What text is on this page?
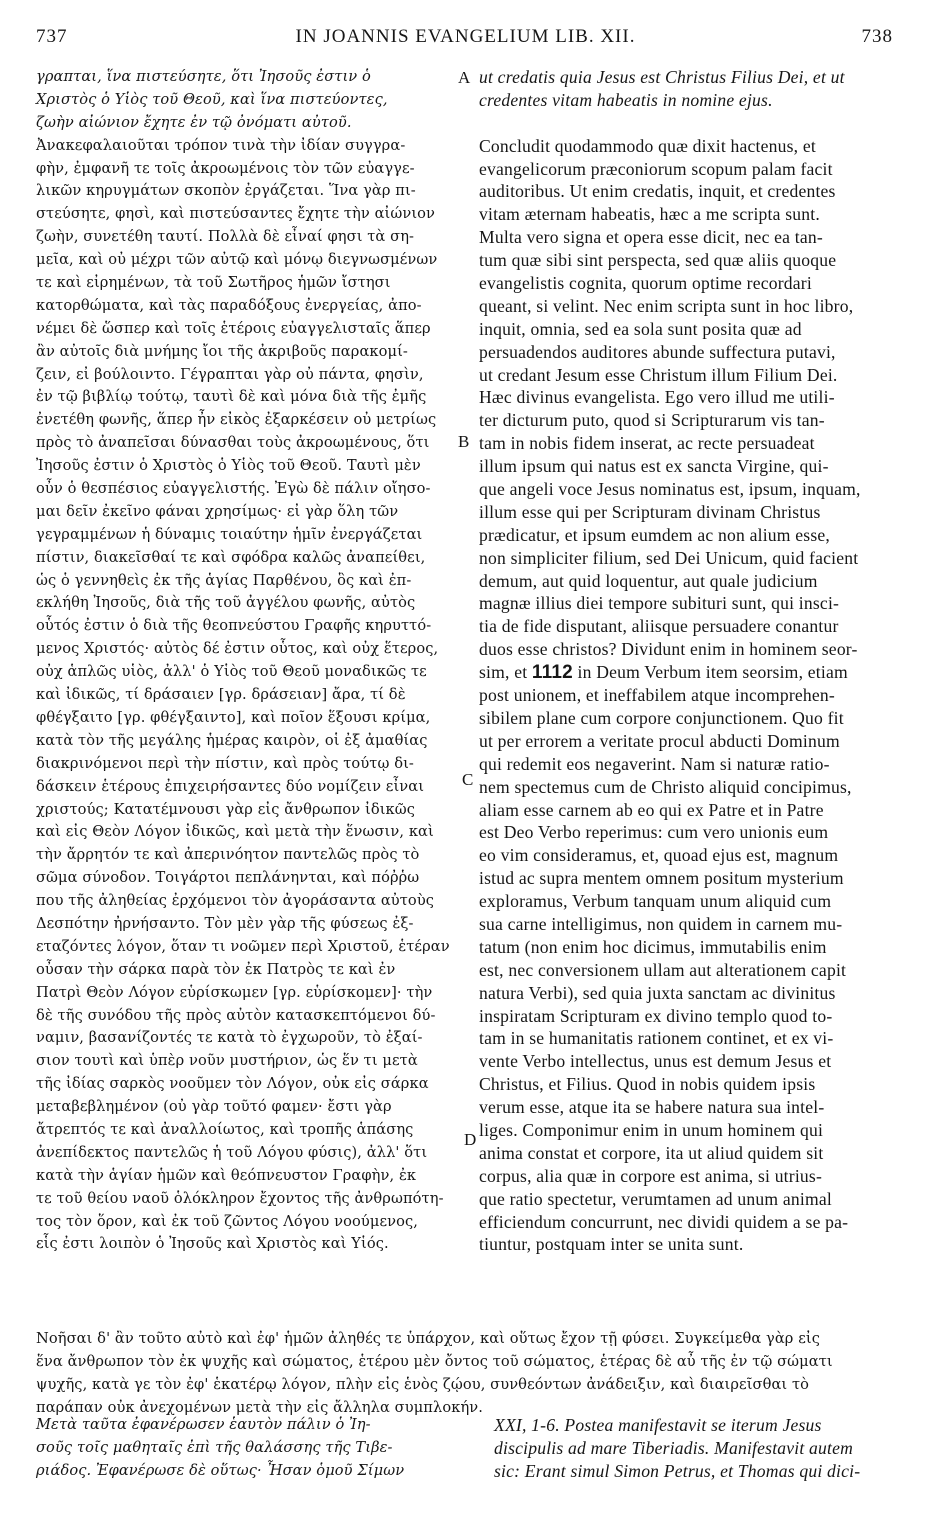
737	IN JOANNIS EVANGELIUM LIB. XII.	738
γραπται, ἵνα πιστεύσητε, ὅτι Ἰησοῦς ἐστιν ὁ
Χριστὸς ὁ Υἱὸς τοῦ Θεοῦ, καὶ ἵνα πιστεύοντες,
ζωὴν αἰώνιον ἔχητε ἐν τῷ ὀνόματι αὐτοῦ.
Ἀνακεφαλαιοῦται τρόπον τινὰ τὴν ἰδίαν συγγρα-
φὴν, ἐμφανῆ τε τοῖς ἀκροωμένοις τὸν τῶν εὐαγγε-
λικῶν κηρυγμάτων σκοπὸν ἐργάζεται. Ἵνα γὰρ πι-
στεύσητε, φησὶ, καὶ πιστεύσαντες ἔχητε τὴν αἰώνιον
ζωὴν, συνετέθη ταυτί. Πολλὰ δὲ εἶναί φησι τὰ ση-
μεῖα, καὶ οὐ μέχρι τῶν αὐτῷ καὶ μόνῳ διεγνωσμένων
τε καὶ εἰρημένων, τὰ τοῦ Σωτῆρος ἡμῶν ἴστησι
κατορθώματα, καὶ τὰς παραδόξους ἐνεργείας, ἀπο-
νέμει δὲ ὥσπερ καὶ τοῖς ἑτέροις εὐαγγελισταῖς ἅπερ
ἂν αὐτοῖς διὰ μνήμης ἴοι τῆς ἀκριβοῦς παρακομί-
ζειν, εἰ βούλοιντο. Γέγραπται γὰρ οὐ πάντα, φησὶν,
ἐν τῷ βιβλίῳ τούτῳ, ταυτὶ δὲ καὶ μόνα διὰ τῆς ἐμῆς
ἐνετέθη φωνῆς, ἅπερ ἦν εἰκὸς ἐξαρκέσειν οὐ μετρίως
πρὸς τὸ ἀναπεῖσαι δύνασθαι τοὺς ἀκροωμένους, ὅτι
Ἰησοῦς ἐστιν ὁ Χριστὸς ὁ Υἱὸς τοῦ Θεοῦ. Ταυτὶ μὲν
οὖν ὁ θεσπέσιος εὐαγγελιστής. Ἐγὼ δὲ πάλιν οἴησο-
μαι δεῖν ἐκεῖνο φάναι χρησίμως· εἰ γὰρ ὅλη τῶν
γεγραμμένων ἡ δύναμις τοιαύτην ἡμῖν ἐνεργάζεται
πίστιν, διακεῖσθαί τε καὶ σφόδρα καλῶς ἀναπείθει,
ὡς ὁ γεννηθεὶς ἐκ τῆς ἁγίας Παρθένου, ὃς καὶ ἐπ-
εκλήθη Ἰησοῦς, διὰ τῆς τοῦ ἀγγέλου φωνῆς, αὐτὸς
οὗτός ἐστιν ὁ διὰ τῆς θεοπνεύστου Γραφῆς κηρυττό-
μενος Χριστός· αὐτὸς δέ ἐστιν οὗτος, καὶ οὐχ ἕτερος,
οὐχ ἁπλῶς υἱὸς, ἀλλ' ὁ Υἱὸς τοῦ Θεοῦ μοναδικῶς τε
καὶ ἰδικῶς, τί δράσαιεν [γρ. δράσειαν] ἄρα, τί δὲ
φθέγξαιτο [γρ. φθέγξαιντο], καὶ ποῖον ἕξουσι κρίμα,
κατὰ τὸν τῆς μεγάλης ἡμέρας καιρὸν, οἱ ἐξ ἀμαθίας
διακρινόμενοι περὶ τὴν πίστιν, καὶ πρὸς τούτῳ δι-
δάσκειν ἑτέρους ἐπιχειρήσαντες δύο νομίζειν εἶναι
χριστούς; Κατατέμνουσι γὰρ εἰς ἄνθρωπον ἰδικῶς
καὶ εἰς Θεὸν Λόγον ἰδικῶς, καὶ μετὰ τὴν ἕνωσιν, καὶ
τὴν ἄρρητόν τε καὶ ἀπερινόητον παντελῶς πρὸς τὸ
σῶμα σύνοδον. Τοιγάρτοι πεπλάνηνται, καὶ πόῤῥω
που τῆς ἀληθείας ἐρχόμενοι τὸν ἀγοράσαντα αὐτοὺς
Δεσπότην ἠρνήσαντο. Τὸν μὲν γὰρ τῆς φύσεως ἐξ-
εταζόντες λόγον, ὅταν τι νοῶμεν περὶ Χριστοῦ, ἑτέραν
οὖσαν τὴν σάρκα παρὰ τὸν ἐκ Πατρὸς τε καὶ ἐν
Πατρὶ Θεὸν Λόγον εὑρίσκωμεν [γρ. εὑρίσκομεν]· τὴν
δὲ τῆς συνόδου τῆς πρὸς αὐτὸν κατασκεπτόμενοι δύ-
ναμιν, βασανίζοντές τε κατὰ τὸ ἐγχωροῦν, τὸ ἐξαί-
σιον τουτὶ καὶ ὑπὲρ νοῦν μυστήριον, ὡς ἕν τι μετὰ
τῆς ἰδίας σαρκὸς νοοῦμεν τὸν Λόγον, οὐκ εἰς σάρκα
μεταβεβλημένον (οὐ γὰρ τοῦτό φαμεν· ἔστι γὰρ
ἄτρεπτός τε καὶ ἀναλλοίωτος, καὶ τροπῆς ἁπάσης
ἀνεπίδεκτος παντελῶς ἡ τοῦ Λόγου φύσις), ἀλλ' ὅτι
κατὰ τὴν ἁγίαν ἡμῶν καὶ θεόπνευστον Γραφὴν, ἐκ
τε τοῦ θείου ναοῦ ὁλόκληρον ἔχοντος τῆς ἀνθρωπότη-
τος τὸν ὅρον, καὶ ἐκ τοῦ ζῶντος Λόγου νοούμενος,
εἷς ἐστι λοιπὸν ὁ Ἰησοῦς καὶ Χριστὸς καὶ Υἱός.
ut credatis quia Jesus est Christus Filius Dei, et ut
credentes vitam habeatis in nomine ejus.
Concludit quodammodo quæ dixit hactenus, et
evangelicorum præconiorum scopum palam facit
auditoribus. Ut enim credatis, inquit, et credentes
vitam æternam habeatis, hæc a me scripta sunt.
Multa vero signa et opera esse dicit, nec ea tan-
tum quæ sibi sint perspecta, sed quæ aliis quoque
evangelistis cognita, quorum optime recordari
queant, si velint. Nec enim scripta sunt in hoc libro,
inquit, omnia, sed ea sola sunt posita quæ ad
persuadendos auditores abunde suffectura putavi,
ut credant Jesum esse Christum illum Filium Dei.
Hæc divinus evangelista. Ego vero illud me utili-
ter dicturum puto, quod si Scripturarum vis tan-
tam in nobis fidem inserat, ac recte persuadeat
illum ipsum qui natus est ex sancta Virgine, qui-
que angeli voce Jesus nominatus est, ipsum, inquam,
illum esse qui per Scripturam divinam Christus
prædicatur, et ipsum eumdem ac non alium esse,
non simpliciter filium, sed Dei Unicum, quid facient
demum, aut quid loquentur, aut quale judicium
magnæ illius diei tempore subituri sunt, qui insci-
tia de fide disputant, aliisque persuadere conantur
duos esse christos? Dividunt enim in hominem seor-
sim, et 1112 in Deum Verbum item seorsim, etiam
post unionem, et ineffabilem atque incomprehen-
sibilem plane cum corpore conjunctionem. Quo fit
ut per errorem a veritate procul abducti Dominum
qui redemit eos negaverint. Nam si naturæ ratio-
nem spectemus cum de Christo aliquid concipimus,
aliam esse carnem ab eo qui ex Patre et in Patre
est Deo Verbo reperimus: cum vero unionis eum
eo vim consideramus, et, quoad ejus est, magnum
istud ac supra mentem omnem positum mysterium
exploramus, Verbum tanquam unum aliquid cum
sua carne intelligimus, non quidem in carnem mu-
tatum (non enim hoc dicimus, immutabilis enim
est, nec conversionem ullam aut alterationem capit
natura Verbi), sed quia juxta sanctam ac divinitus
inspiratam Scripturam ex divino templo quod to-
tam in se humanitatis rationem continet, et ex vi-
vente Verbo intellectus, unus est demum Jesus et
Christus, et Filius. Quod in nobis quidem ipsis
verum esse, atque ita se habere natura sua intel-
liges. Componimur enim in unum hominem qui
anima constat et corpore, ita ut aliud quidem sit
corpus, alia quæ in corpore est anima, si utrius-
que ratio spectetur, verumtamen ad unum animal
efficiendum concurrunt, nec dividi quidem a se pa-
tiuntur, postquam inter se unita sunt.
A
B
C
D
Νοῆσαι δ' ἂν τοῦτο αὐτὸ καὶ ἐφ' ἡμῶν ἀληθές τε ὑπάρχον, καὶ οὕτως ἔχον τῇ φύσει. Συγκείμεθα γὰρ εἰς
ἕνα ἄνθρωπον τὸν ἐκ ψυχῆς καὶ σώματος, ἑτέρου μὲν ὄντος τοῦ σώματος, ἑτέρας δὲ αὖ τῆς ἐν τῷ σώματι
ψυχῆς, κατὰ γε τὸν ἐφ' ἑκατέρῳ λόγον, πλὴν εἰς ἑνὸς ζῴου, συνθεόντων ἀνάδειξιν, καὶ διαιρεῖσθαι τὸ
παράπαν οὐκ ἀνεχομένων μετὰ τὴν εἰς ἄλληλα συμπλοκήν.
Μετὰ ταῦτα ἐφανέρωσεν ἑαυτὸν πάλιν ὁ Ἰη-
σοῦς τοῖς μαθηταῖς ἐπὶ τῆς θαλάσσης τῆς Τιβε-
ριάδος. Ἐφανέρωσε δὲ οὕτως· Ἦσαν ὁμοῦ Σίμων
XXI, 1-6. Postea manifestavit se iterum Jesus
discipulis ad mare Tiberiadis. Manifestavit autem
sic: Erant simul Simon Petrus, et Thomas qui dici-
